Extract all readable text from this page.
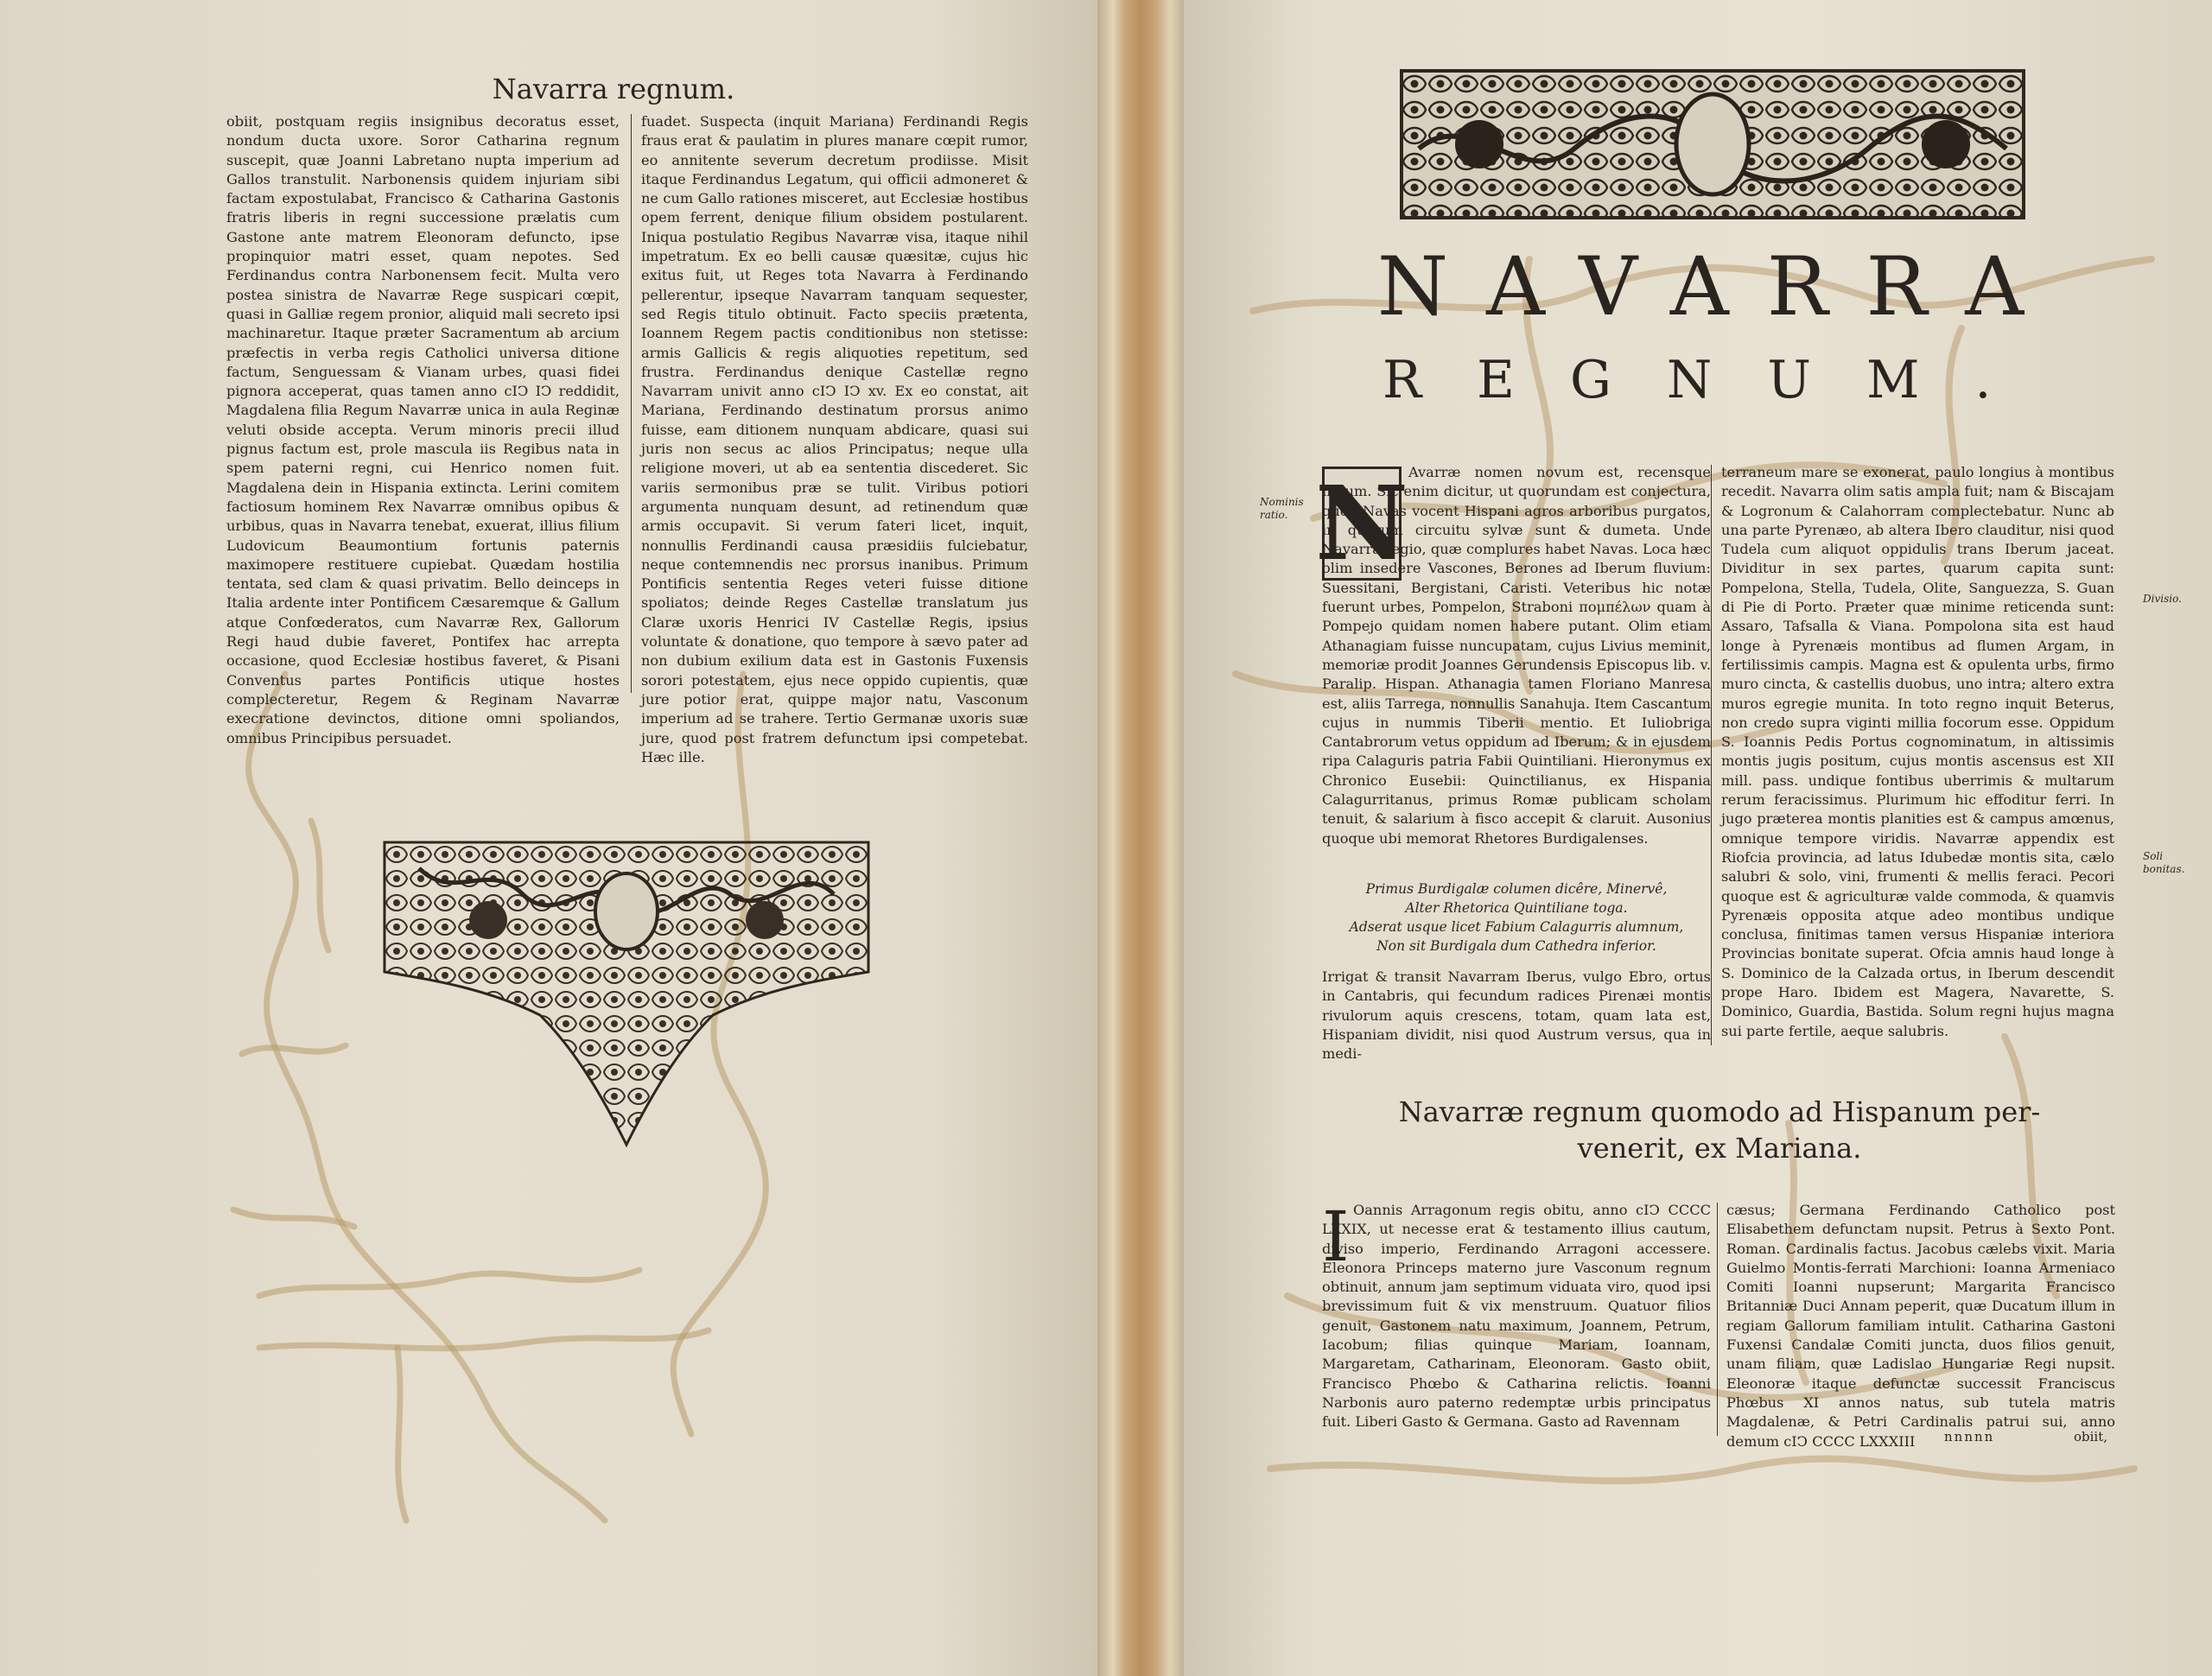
Navarra regnum.
obiit, postquam regiis insignibus decoratus esset, nondum ducta uxore. Soror Catharina regnum suscepit, quæ Joanni Labretano nupta imperium ad Gallos transtulit. Narbonensis quidem injuriam sibi factam expostulabat, Francisco & Catharina Gastonis fratris liberis in regni successione prælatis cum Gastone ante matrem Eleonoram defuncto, ipse propinquior matri esset, quam nepotes. Sed Ferdinandus contra Narbonensem fecit. Multa vero postea sinistra de Navarræ Rege suspicari cœpit, quasi in Galliæ regem pronior, aliquid mali secreto ipsi machinaretur. Itaque præter Sacramentum ab arcium præfectis in verba regis Catholici universa ditione factum, Senguessam & Vianam urbes, quasi fidei pignora acceperat, quas tamen anno cIↃ IↃ reddidit, Magdalena filia Regum Navarræ unica in aula Reginæ veluti obside accepta. Verum minoris precii illud pignus factum est, prole mascula iis Regibus nata in spem paterni regni, cui Henrico nomen fuit. Magdalena dein in Hispania extincta. Lerini comitem factiosum hominem Rex Navarræ omnibus opibus & urbibus, quas in Navarra tenebat, exuerat, illius filium Ludovicum Beaumontium fortunis paternis maximopere restituere cupiebat. Quædam hostilia tentata, sed clam & quasi privatim. Bello deinceps in Italia ardente inter Pontificem Cæsaremque & Gallum atque Confœderatos, cum Navarræ Rex, Gallorum Regi haud dubie faveret, Pontifex hac arrepta occasione, quod Ecclesiæ hostibus faveret, & Pisani Conventus partes Pontificis utique hostes complecteretur, Regem & Reginam Navarræ execratione devinctos, ditione omni spoliandos, omnibus Principibus persuadet.
fuadet. Suspecta (inquit Mariana) Ferdinandi Regis fraus erat & paulatim in plures manare cœpit rumor, eo annitente severum decretum prodiisse. Misit itaque Ferdinandus Legatum, qui officii admoneret & ne cum Gallo rationes misceret, aut Ecclesiæ hostibus opem ferrent, denique filium obsidem postularent. Iniqua postulatio Regibus Navarræ visa, itaque nihil impetratum. Ex eo belli causæ quæsitæ, cujus hic exitus fuit, ut Reges tota Navarra à Ferdinando pellerentur, ipseque Navarram tanquam sequester, sed Regis titulo obtinuit. Facto speciis prætenta, Ioannem Regem pactis conditionibus non stetisse: armis Gallicis & regis aliquoties repetitum, sed frustra. Ferdinandus denique Castellæ regno Navarram univit anno cIↃ IↃ xv. Ex eo constat, ait Mariana, Ferdinando destinatum prorsus animo fuisse, eam ditionem nunquam abdicare, quasi sui juris non secus ac alios Principatus; neque ulla religione moveri, ut ab ea sententia discederet. Sic variis sermonibus præ se tulit. Viribus potiori argumenta nunquam desunt, ad retinendum quæ armis occupavit. Si verum fateri licet, inquit, nonnullis Ferdinandi causa præsidiis fulciebatur, neque contemnendis nec prorsus inanibus. Primum Pontificis sententia Reges veteri fuisse ditione spoliatos; deinde Reges Castellæ translatum jus Claræ uxoris Henrici IV Castellæ Regis, ipsius voluntate & donatione, quo tempore à sævo pater ad non dubium exilium data est in Gastonis Fuxensis sorori potestatem, ejus nece oppido cupientis, quæ jure potior erat, quippe major natu, Vasconum imperium ad se trahere. Tertio Germanæ uxoris suæ jure, quod post fratrem defunctum ipsi competebat. Hæc ille.
NAVARRA
REGNUM.
Nominis ratio.
Divisio.
Soli bonitas.
N Avarræ nomen novum est, recensque natum. Sic enim dicitur, ut quorundam est conjectura, quod Navas vocent Hispani agros arboribus purgatos, in quorum circuitu sylvæ sunt & dumeta. Unde Navarra regio, quæ complures habet Navas. Loca hæc olim insedere Vascones, Berones ad Iberum fluvium: Suessitani, Bergistani, Caristi. Veteribus hic notæ fuerunt urbes, Pompelon, Straboni πομπέλων quam à Pompejo quidam nomen habere putant. Olim etiam Athanagiam fuisse nuncupatam, cujus Livius meminit, memoriæ prodit Joannes Gerundensis Episcopus lib. v. Paralip. Hispan. Athanagia tamen Floriano Manresa est, aliis Tarrega, nonnullis Sanahuja. Item Cascantum cujus in nummis Tiberii mentio. Et Iuliobriga Cantabrorum vetus oppidum ad Iberum; & in ejusdem ripa Calaguris patria Fabii Quintiliani. Hieronymus ex Chronico Eusebii: Quinctilianus, ex Hispania Calagurritanus, primus Romæ publicam scholam tenuit, & salarium à fisco accepit & claruit. Ausonius quoque ubi memorat Rhetores Burdigalenses.
Primus Burdigalæ columen dicêre, Minervê,
Alter Rhetorica Quintiliane toga.
Adserat usque licet Fabium Calagurris alumnum,
Non sit Burdigala dum Cathedra inferior.
Irrigat & transit Navarram Iberus, vulgo Ebro, ortus in Cantabris, qui fecundum radices Pirenæi montis rivulorum aquis crescens, totam, quam lata est, Hispaniam dividit, nisi quod Austrum versus, qua in medi-
terraneum mare se exonerat, paulo longius à montibus recedit. Navarra olim satis ampla fuit; nam & Biscajam & Logronum & Calahorram complectebatur. Nunc ab una parte Pyrenæo, ab altera Ibero clauditur, nisi quod Tudela cum aliquot oppidulis trans Iberum jaceat. Dividitur in sex partes, quarum capita sunt: Pompelona, Stella, Tudela, Olite, Sanguezza, S. Guan di Pie di Porto. Præter quæ minime reticenda sunt: Assaro, Tafsalla & Viana. Pompolona sita est haud longe à Pyrenæis montibus ad flumen Argam, in fertilissimis campis. Magna est & opulenta urbs, firmo muro cincta, & castellis duobus, uno intra; altero extra muros egregie munita. In toto regno inquit Beterus, non credo supra viginti millia focorum esse. Oppidum S. Ioannis Pedis Portus cognominatum, in altissimis montis jugis positum, cujus montis ascensus est XII mill. pass. undique fontibus uberrimis & multarum rerum feracissimus. Plurimum hic effoditur ferri. In jugo præterea montis planities est & campus amœnus, omnique tempore viridis. Navarræ appendix est Riofcia provincia, ad latus Idubedæ montis sita, cælo salubri & solo, vini, frumenti & mellis feraci. Pecori quoque est & agriculturæ valde commoda, & quamvis Pyrenæis opposita atque adeo montibus undique conclusa, finitimas tamen versus Hispaniæ interiora Provincias bonitate superat. Ofcia amnis haud longe à S. Dominico de la Calzada ortus, in Iberum descendit prope Haro. Ibidem est Magera, Navarette, S. Dominico, Guardia, Bastida. Solum regni hujus magna sui parte fertile, aeque salubris.
Navarræ regnum quomodo ad Hispanum per-
venerit, ex Mariana.
I Oannis Arragonum regis obitu, anno cIↃ CCCC LXXIX, ut necesse erat & testamento illius cautum, diviso imperio, Ferdinando Arragoni accessere. Eleonora Princeps materno jure Vasconum regnum obtinuit, annum jam septimum viduata viro, quod ipsi brevissimum fuit & vix menstruum. Quatuor filios genuit, Gastonem natu maximum, Joannem, Petrum, Iacobum; filias quinque Mariam, Ioannam, Margaretam, Catharinam, Eleonoram. Gasto obiit, Francisco Phœbo & Catharina relictis. Ioanni Narbonis auro paterno redemptæ urbis principatus fuit. Liberi Gasto & Germana. Gasto ad Ravennam
cæsus; Germana Ferdinando Catholico post Elisabethem defunctam nupsit. Petrus à Sexto Pont. Roman. Cardinalis factus. Jacobus cælebs vixit. Maria Guielmo Montis-ferrati Marchioni: Ioanna Armeniaco Comiti Ioanni nupserunt; Margarita Francisco Britanniæ Duci Annam peperit, quæ Ducatum illum in regiam Gallorum familiam intulit. Catharina Gastoni Fuxensi Candalæ Comiti juncta, duos filios genuit, unam filiam, quæ Ladislao Hungariæ Regi nupsit. Eleonoræ itaque defunctæ successit Franciscus Phœbus XI annos natus, sub tutela matris Magdalenæ, & Petri Cardinalis patrui sui, anno demum cIↃ CCCC LXXXIII	nnnnn	obiit,
